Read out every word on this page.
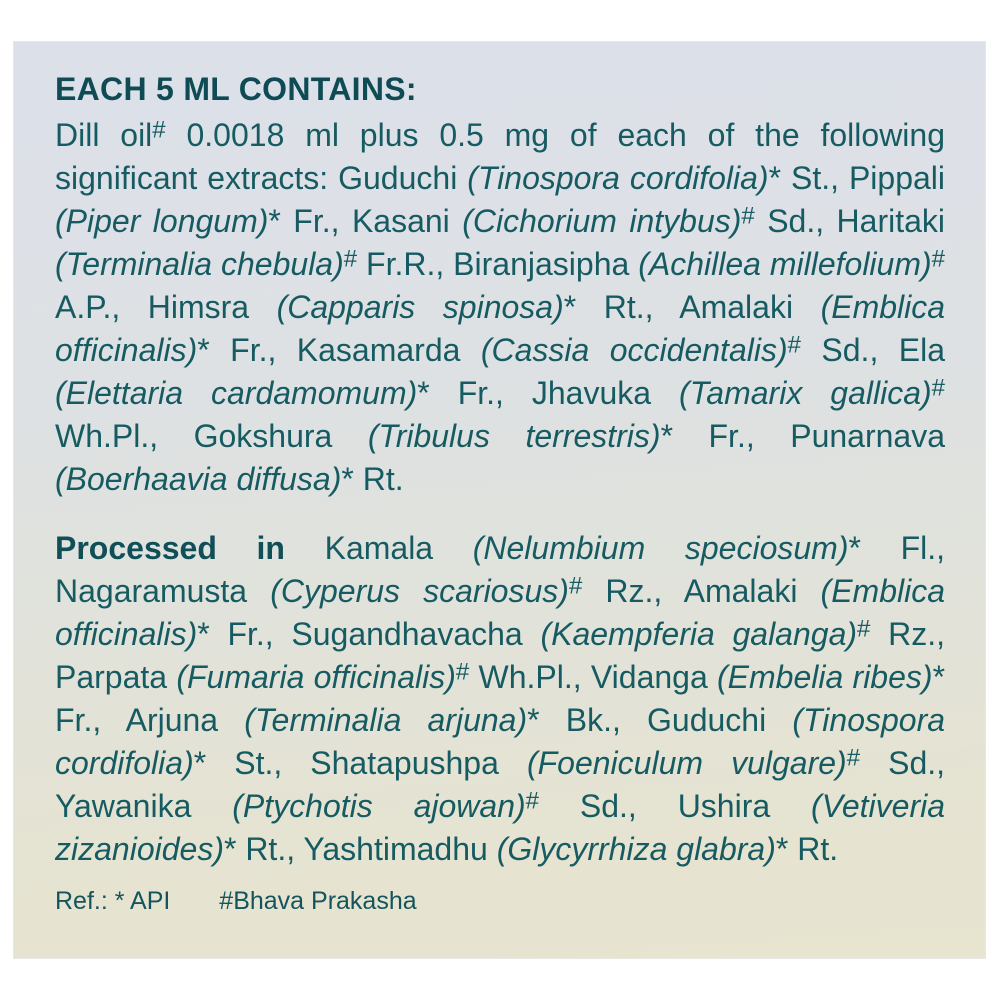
EACH 5 ML CONTAINS:

Dill oil# 0.0018 ml plus 0.5 mg of each of the following significant extracts: Guduchi (Tinospora cordifolia)* St., Pippali (Piper longum)* Fr., Kasani (Cichorium intybus)# Sd., Haritaki (Terminalia chebula)# Fr.R., Biranjasipha (Achillea millefolium)# A.P., Himsra (Capparis spinosa)* Rt., Amalaki (Emblica officinalis)* Fr., Kasamarda (Cassia occidentalis)# Sd., Ela (Elettaria cardamomum)* Fr., Jhavuka (Tamarix gallica)# Wh.Pl., Gokshura (Tribulus terrestris)* Fr., Punarnava (Boerhaavia diffusa)* Rt.

Processed in Kamala (Nelumbium speciosum)* Fl., Nagaramusta (Cyperus scariosus)# Rz., Amalaki (Emblica officinalis)* Fr., Sugandhavacha (Kaempferia galanga)# Rz., Parpata (Fumaria officinalis)# Wh.Pl., Vidanga (Embelia ribes)* Fr., Arjuna (Terminalia arjuna)* Bk., Guduchi (Tinospora cordifolia)* St., Shatapushpa (Foeniculum vulgare)# Sd., Yawanika (Ptychotis ajowan)# Sd., Ushira (Vetiveria zizanioides)* Rt., Yashtimadhu (Glycyrrhiza glabra)* Rt.

Ref.: * API #Bhava Prakasha
